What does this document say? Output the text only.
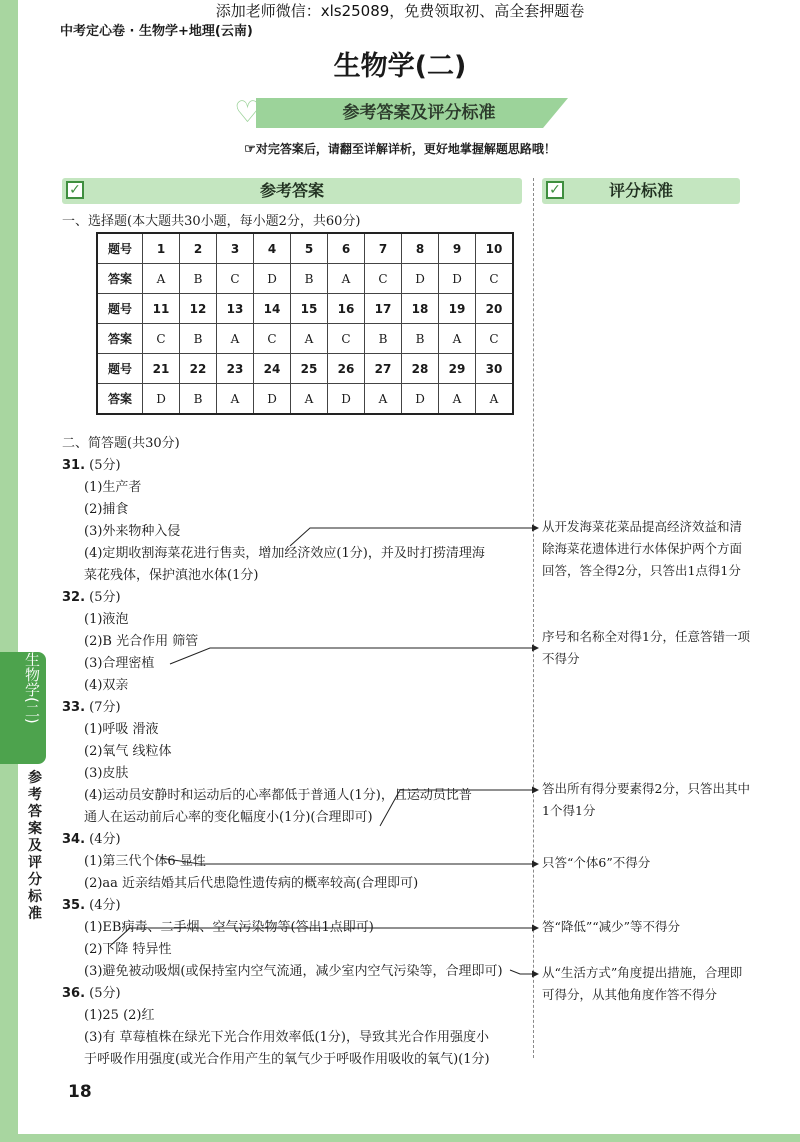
添加老师微信：xls25089，免费领取初、高全套押题卷
中考定心卷 · 生物学+地理(云南)
生物学(二)
♡	参考答案及评分标准
☞对完答案后，请翻至详解详析，更好地掌握解题思路哦！
✓	参考答案	✓	评分标准
一、选择题(本大题共30小题，每小题2分，共60分)
题号	1	2	3	4	5	6	7	8	9	10
答案	A	B	C	D	B	A	C	D	D	C
题号	11	12	13	14	15	16	17	18	19	20
答案	C	B	A	C	A	C	B	B	A	C
题号	21	22	23	24	25	26	27	28	29	30
答案	D	B	A	D	A	D	A	D	A	A
二、简答题(共30分)
31. (5分)
(1)生产者
(2)捕食
(3)外来物种入侵
(4)定期收割海菜花进行售卖，增加经济效应(1分)，并及时打捞清理海
菜花残体，保护滇池水体(1分)
32. (5分)
(1)液泡
(2)B 光合作用 筛管
(3)合理密植
(4)双亲
33. (7分)
(1)呼吸 滑液
(2)氧气 线粒体
(3)皮肤
(4)运动员安静时和运动后的心率都低于普通人(1分)，且运动员比普
通人在运动前后心率的变化幅度小(1分)(合理即可)
34. (4分)
(1)第三代个体6 显性
(2)aa 近亲结婚其后代患隐性遗传病的概率较高(合理即可)
35. (4分)
(1)EB病毒、二手烟、空气污染物等(答出1点即可)
(2)下降 特异性
(3)避免被动吸烟(或保持室内空气流通，减少室内空气污染等，合理即可)
36. (5分)
(1)25 (2)红
(3)有 草莓植株在绿光下光合作用效率低(1分)，导致其光合作用强度小
于呼吸作用强度(或光合作用产生的氧气少于呼吸作用吸收的氧气)(1分)
从开发海菜花菜品提高经济效益和清除海菜花遗体进行水体保护两个方面回答，答全得2分，只答出1点得1分
序号和名称全对得1分，任意答错一项不得分
答出所有得分要素得2分，只答出其中1个得1分
只答“个体6”不得分
答“降低”“减少”等不得分
从“生活方式”角度提出措施，合理即可得分，从其他角度作答不得分
生物学(二)
参考答案及评分标准
18
